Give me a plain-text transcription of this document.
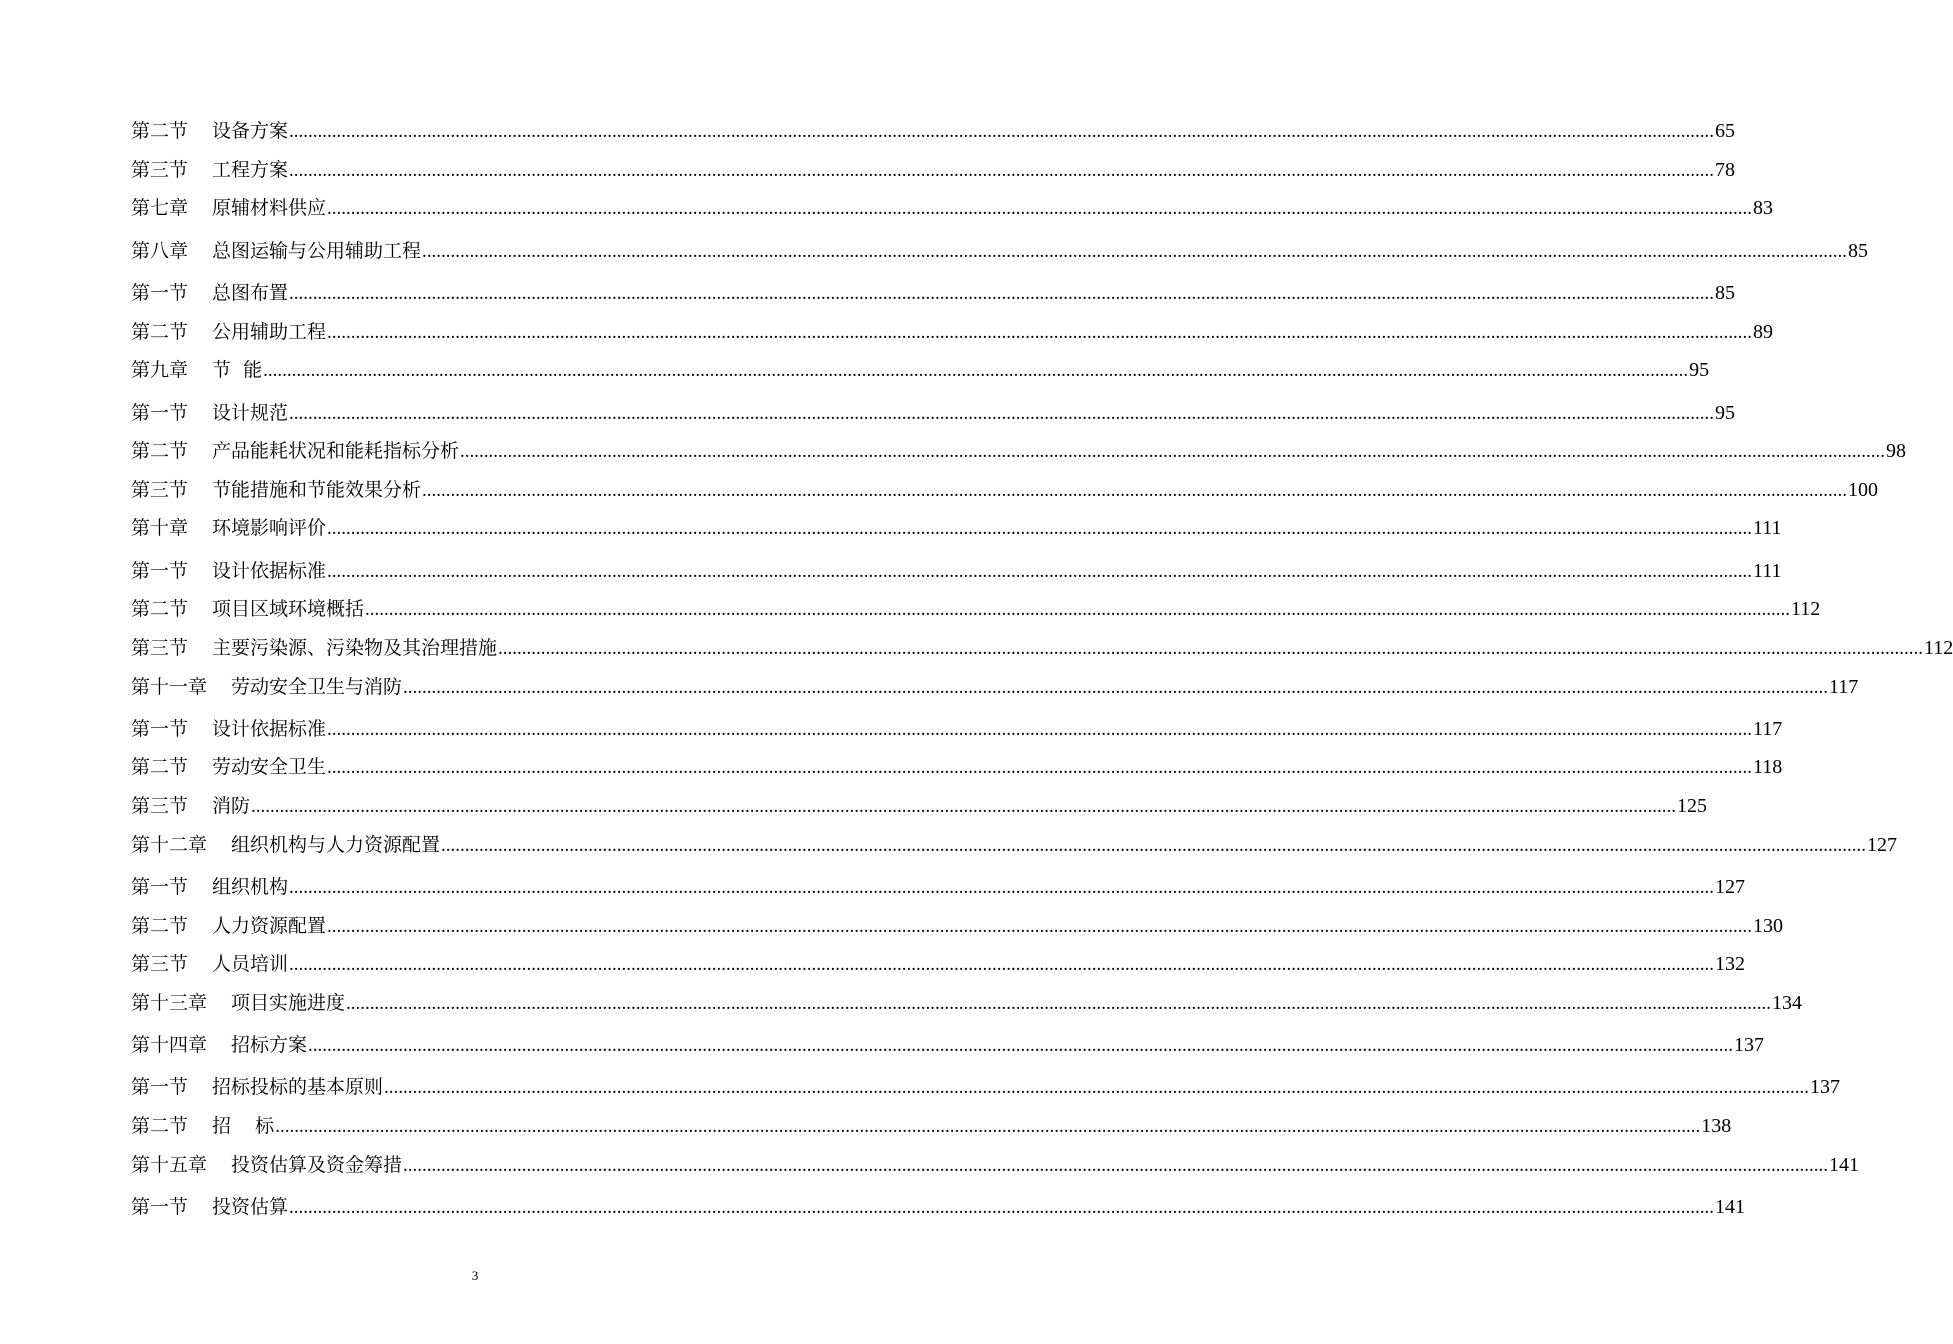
第二节 设备方案 ............................................................................................................................................................................................................................................................................................................ 65
第三节 工程方案 ............................................................................................................................................................................................................................................................................................................ 78
第七章 原辅材料供应 ............................................................................................................................................................................................................................................................................................................ 83
第八章 总图运输与公用辅助工程 ............................................................................................................................................................................................................................................................................................................ 85
第一节 总图布置 ............................................................................................................................................................................................................................................................................................................ 85
第二节 公用辅助工程 ............................................................................................................................................................................................................................................................................................................ 89
第九章 节  能 ............................................................................................................................................................................................................................................................................................................ 95
第一节 设计规范 ............................................................................................................................................................................................................................................................................................................ 95
第二节 产品能耗状况和能耗指标分析 ............................................................................................................................................................................................................................................................................................................ 98
第三节 节能措施和节能效果分析 ............................................................................................................................................................................................................................................................................................................ 100
第十章 环境影响评价 ............................................................................................................................................................................................................................................................................................................ 111
第一节 设计依据标准 ............................................................................................................................................................................................................................................................................................................ 111
第二节 项目区域环境概括 ............................................................................................................................................................................................................................................................................................................ 112
第三节 主要污染源、污染物及其治理措施 ............................................................................................................................................................................................................................................................................................................ 112
第十一章 劳动安全卫生与消防 ............................................................................................................................................................................................................................................................................................................ 117
第一节 设计依据标准 ............................................................................................................................................................................................................................................................................................................ 117
第二节 劳动安全卫生 ............................................................................................................................................................................................................................................................................................................ 118
第三节 消防 ............................................................................................................................................................................................................................................................................................................ 125
第十二章 组织机构与人力资源配置 ............................................................................................................................................................................................................................................................................................................ 127
第一节 组织机构 ............................................................................................................................................................................................................................................................................................................ 127
第二节 人力资源配置 ............................................................................................................................................................................................................................................................................................................ 130
第三节 人员培训 ............................................................................................................................................................................................................................................................................................................ 132
第十三章 项目实施进度 ............................................................................................................................................................................................................................................................................................................ 134
第十四章 招标方案 ............................................................................................................................................................................................................................................................................................................ 137
第一节 招标投标的基本原则 ............................................................................................................................................................................................................................................................................................................ 137
第二节 招    标 ............................................................................................................................................................................................................................................................................................................ 138
第十五章 投资估算及资金筹措 ............................................................................................................................................................................................................................................................................................................ 141
第一节 投资估算 ............................................................................................................................................................................................................................................................................................................ 141
3
